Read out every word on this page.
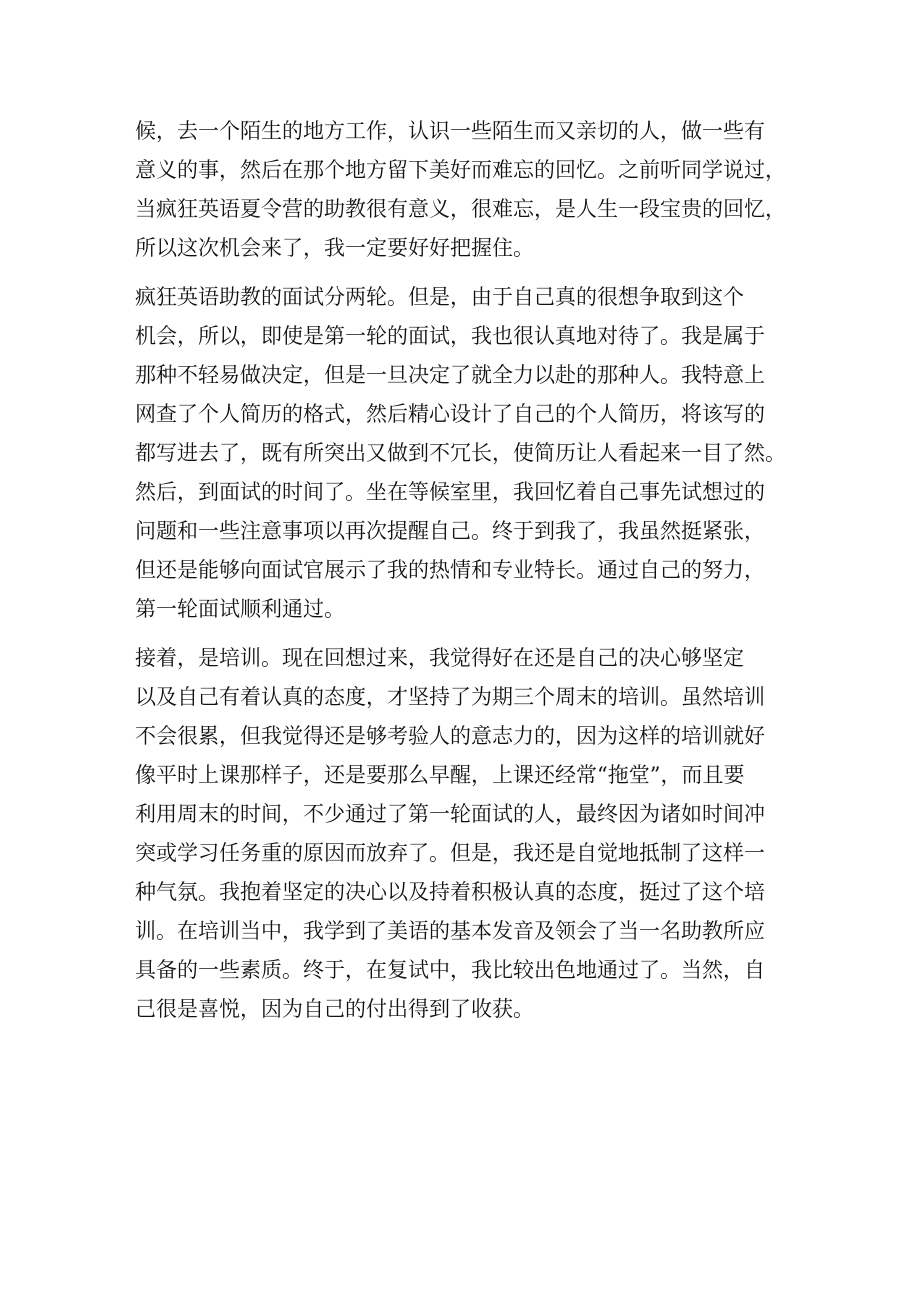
候，去一个陌生的地方工作，认识一些陌生而又亲切的人，做一些有
意义的事，然后在那个地方留下美好而难忘的回忆。之前听同学说过，
当疯狂英语夏令营的助教很有意义，很难忘，是人生一段宝贵的回忆，
所以这次机会来了，我一定要好好把握住。

疯狂英语助教的面试分两轮。但是，由于自己真的很想争取到这个
机会，所以，即使是第一轮的面试，我也很认真地对待了。我是属于
那种不轻易做决定，但是一旦决定了就全力以赴的那种人。我特意上
网查了个人简历的格式，然后精心设计了自己的个人简历，将该写的
都写进去了，既有所突出又做到不冗长，使简历让人看起来一目了然。
然后，到面试的时间了。坐在等候室里，我回忆着自己事先试想过的
问题和一些注意事项以再次提醒自己。终于到我了，我虽然挺紧张，
但还是能够向面试官展示了我的热情和专业特长。通过自己的努力，
第一轮面试顺利通过。

接着，是培训。现在回想过来，我觉得好在还是自己的决心够坚定
以及自己有着认真的态度，才坚持了为期三个周末的培训。虽然培训
不会很累，但我觉得还是够考验人的意志力的，因为这样的培训就好
像平时上课那样子，还是要那么早醒，上课还经常“拖堂”，而且要
利用周末的时间，不少通过了第一轮面试的人，最终因为诸如时间冲
突或学习任务重的原因而放弃了。但是，我还是自觉地抵制了这样一
种气氛。我抱着坚定的决心以及持着积极认真的态度，挺过了这个培
训。在培训当中，我学到了美语的基本发音及领会了当一名助教所应
具备的一些素质。终于，在复试中，我比较出色地通过了。当然，自
己很是喜悦，因为自己的付出得到了收获。
